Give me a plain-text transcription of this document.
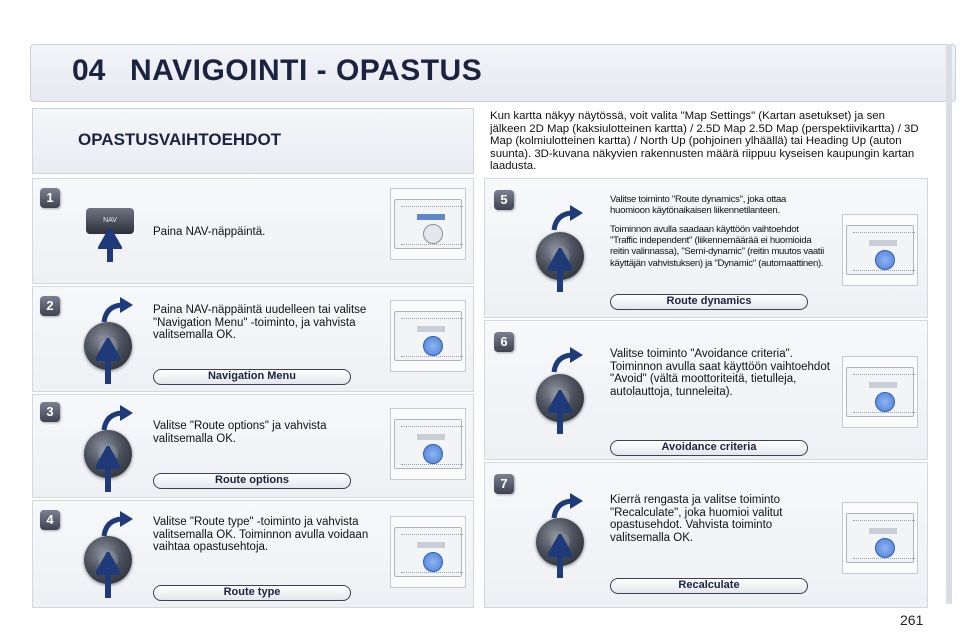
04 NAVIGOINTI - OPASTUS
OPASTUSVAIHTOEHDOT
Kun kartta näkyy näytössä, voit valita "Map Settings" (Kartan asetukset) ja sen jälkeen 2D Map (kaksiulotteinen kartta) / 2.5D Map 2.5D Map (perspektiivikartta) / 3D Map (kolmiulotteinen kartta) / North Up (pohjoinen ylhäällä) tai Heading Up (auton suunta). 3D-kuvana näkyvien rakennusten määrä riippuu kyseisen kaupungin kartan laadusta.
1
NAV
Paina NAV-näppäintä.
2	Paina NAV-näppäintä uudelleen tai valitse "Navigation Menu" -toiminto, ja vahvista valitsemalla OK.
Navigation Menu
3
Valitse "Route options" ja vahvista valitsemalla OK.
Route options
4	Valitse "Route type" -toiminto ja vahvista valitsemalla OK. Toiminnon avulla voidaan vaihtaa opastusehtoja.
Route type
5	Valitse toiminto "Route dynamics", joka ottaa huomioon käytönaikaisen liikennetilanteen.
Toiminnon avulla saadaan käyttöön vaihtoehdot "Traffic independent" (liikennemäärää ei huomioida reitin valinnassa), "Semi-dynamic" (reitin muutos vaatii käyttäjän vahvistuksen) ja "Dynamic" (automaattinen).
Route dynamics
6
Valitse toiminto "Avoidance criteria". Toiminnon avulla saat käyttöön vaihtoehdot "Avoid" (vältä moottoriteitä, tietulleja, autolauttoja, tunneleita).
Avoidance criteria
7
Kierrä rengasta ja valitse toiminto "Recalculate", joka huomioi valitut opastusehdot. Vahvista toiminto valitsemalla OK.
Recalculate
261
